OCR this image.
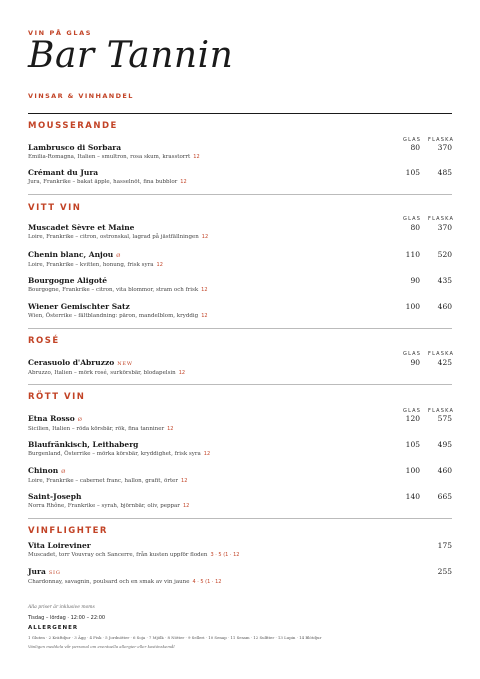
VIN PÅ GLAS
Bar Tannin
VINSAR & VINHANDEL
MOUSSERANDE
GLAS FLASKA
Lambrusco di Sorbara
Emilia-Romagna, Italien – smultron, rosa skum, krasstorrt 12
80	370
Crémant du Jura
Jura, Frankrike – bakat äpple, hasselnöt, fina bubblor 12
105	485
VITT VIN
GLAS FLASKA
Muscadet Sèvre et Maine
Loire, Frankrike – citron, ostronskal, lagrad på jästfällningen 12
80	370
Chenin blanc, Anjou Ø
Loire, Frankrike – kvitten, honung, frisk syra 12
110	520
Bourgogne Aligoté
Bourgogne, Frankrike – citron, vita blommor, stram och frisk 12
90	435
Wiener Gemischter Satz
Wien, Österrike – fältblandning: päron, mandelblom, kryddig 12
100	460
ROSÉ
GLAS FLASKA
Cerasuolo d'Abruzzo NEW
Abruzzo, Italien – mörk rosé, surkörsbär, blodapelsin 12
90	425
RÖTT VIN
GLAS FLASKA
Etna Rosso Ø
Sicilien, Italien – röda körsbär, rök, fina tanniner 12
120	575
Blaufränkisch, Leithaberg
Burgenland, Österrike – mörka körsbär, kryddighet, frisk syra 12
105	495
Chinon Ø
Loire, Frankrike – cabernet franc, hallon, grafit, örter 12
100	460
Saint-Joseph
Norra Rhône, Frankrike – syrah, björnbär, oliv, peppar 12
140	665
VINFLIGHTER
Vita Loireviner
Muscadet, torr Vouvray och Sancerre, från kusten uppför floden 3 · 5 (1 · 12
175
Jura SIG
Chardonnay, savagnin, poulsard och en smak av vin jaune 4 · 5 (1 · 12
255
Alla priser är inklusive moms
Tisdag – lördag · 12:00 – 22:00
ALLERGENER
1 Gluten · 2 Kräftdjur · 3 Ägg · 4 Fisk · 5 Jordnötter · 6 Soja · 7 Mjölk · 8 Nötter · 9 Selleri · 10 Senap · 11 Sesam · 12 Sulfiter · 13 Lupin · 14 Blötdjur
Vänligen meddela vår personal om eventuella allergier eller kostönskemål
